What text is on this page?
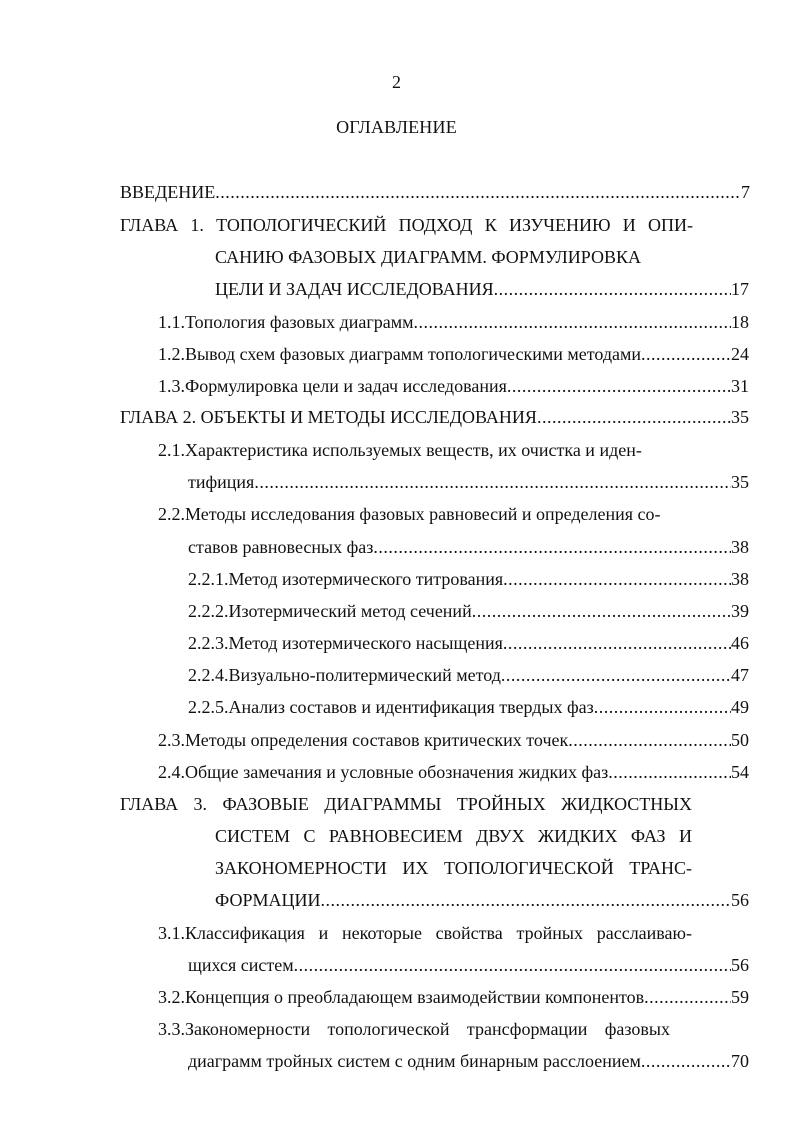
2
ОГЛАВЛЕНИЕ
ВВЕДЕНИЕ .....	7
ГЛАВА 1. ТОПОЛОГИЧЕСКИЙ ПОДХОД К ИЗУЧЕНИЮ И ОПИ-
САНИЮ ФАЗОВЫХ ДИАГРАММ. ФОРМУЛИРОВКА
ЦЕЛИ И ЗАДАЧ ИССЛЕДОВАНИЯ .....	17
1.1.Топология фазовых диаграмм .....	18
1.2.Вывод схем фазовых диаграмм топологическими методами .....	24
1.3.Формулировка цели и задач исследования .....	31
ГЛАВА 2. ОБЪЕКТЫ И МЕТОДЫ ИССЛЕДОВАНИЯ .....	35
2.1.Характеристика используемых веществ, их очистка и иден-
тифиция .....	35
2.2.Методы исследования фазовых равновесий и определения со-
ставов равновесных фаз .....	38
2.2.1.Метод изотермического титрования .....	38
2.2.2.Изотермический метод сечений .....	39
2.2.3.Метод изотермического насыщения .....	46
2.2.4.Визуально-политермический метод .....	47
2.2.5.Анализ составов и идентификация твердых фаз .....	49
2.3.Методы определения составов критических точек .....	50
2.4.Общие замечания и условные обозначения жидких фаз .....	54
ГЛАВА 3. ФАЗОВЫЕ ДИАГРАММЫ ТРОЙНЫХ ЖИДКОСТНЫХ
СИСТЕМ С РАВНОВЕСИЕМ ДВУХ ЖИДКИХ ФАЗ И
ЗАКОНОМЕРНОСТИ ИХ ТОПОЛОГИЧЕСКОЙ ТРАНС-
ФОРМАЦИИ .....	56
3.1.Классификация и некоторые свойства тройных расслаиваю-
щихся систем .....	56
3.2.Концепция о преобладающем взаимодействии компонентов .....	59
3.3.Закономерности топологической трансформации фазовых
диаграмм тройных систем с одним бинарным расслоением .....	70
